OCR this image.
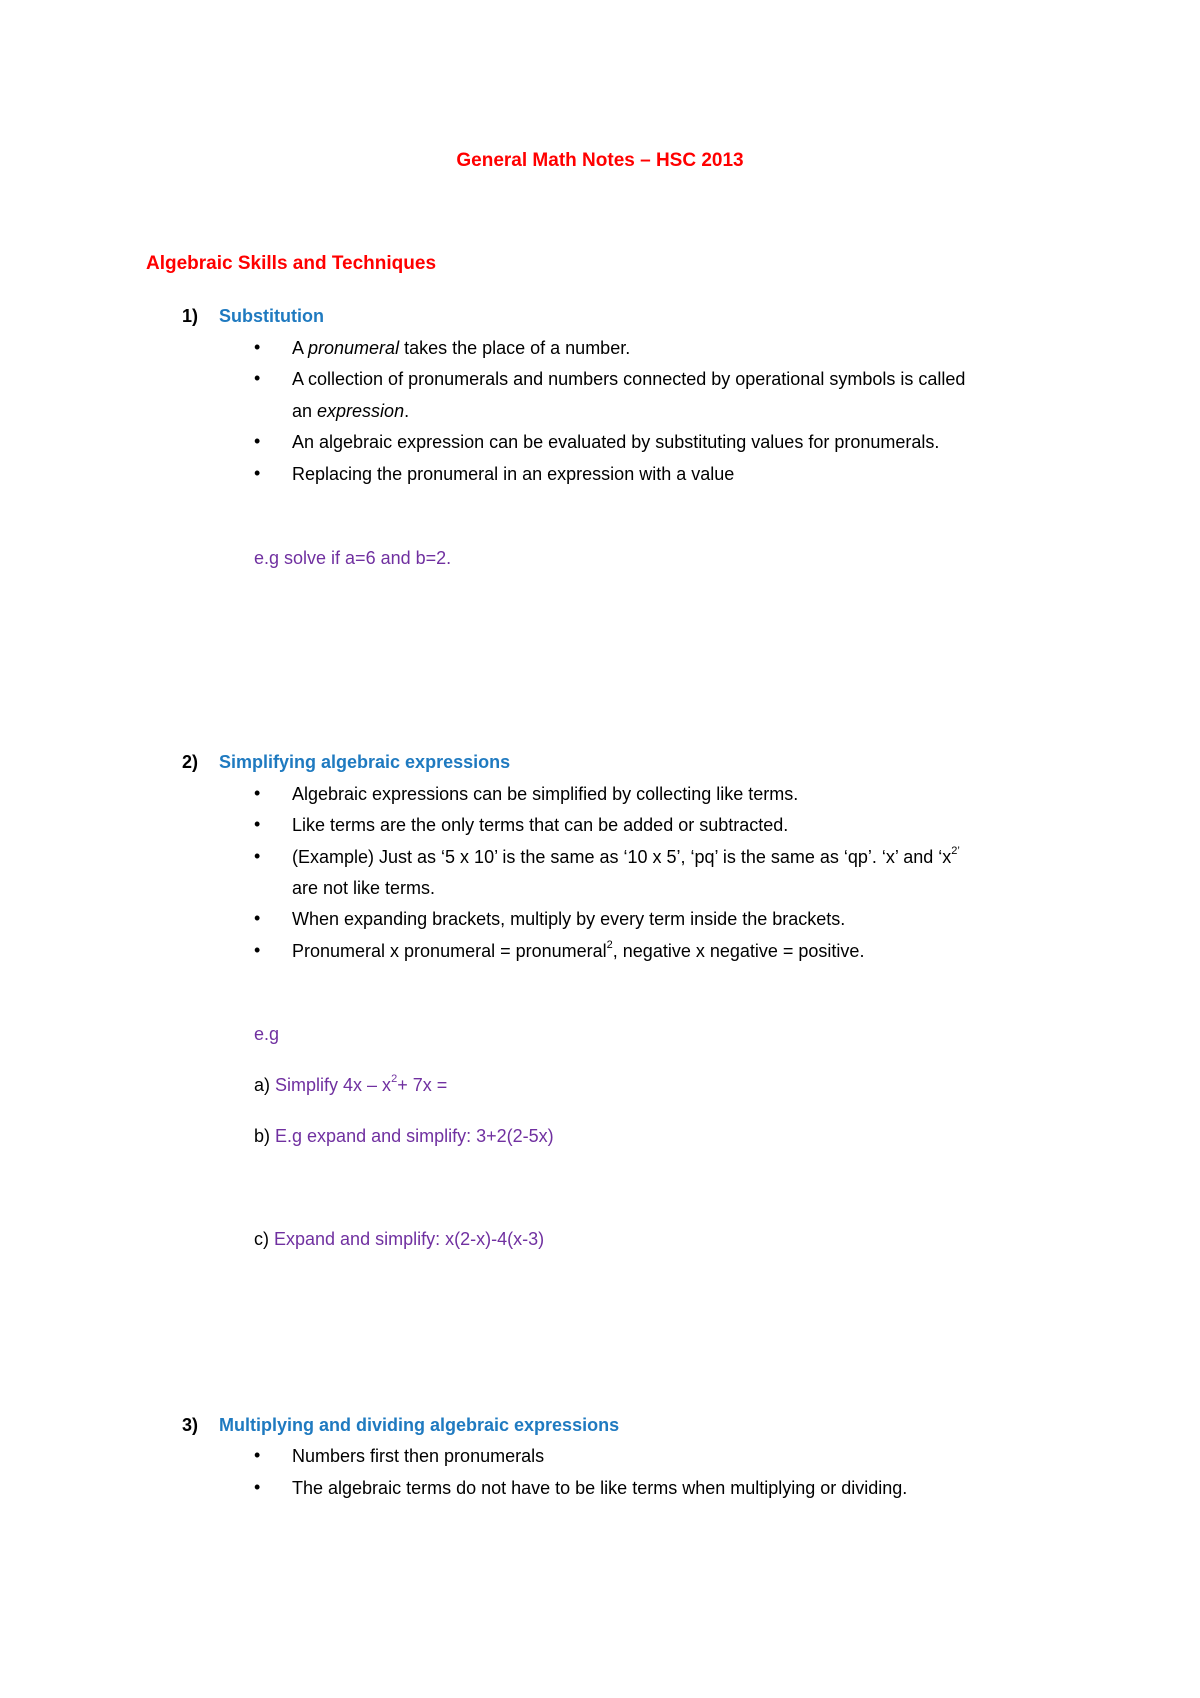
General Math Notes – HSC 2013
Algebraic Skills and Techniques
1) Substitution
• A pronumeral takes the place of a number.
• A collection of pronumerals and numbers connected by operational symbols is called
an expression.
• An algebraic expression can be evaluated by substituting values for pronumerals.
• Replacing the pronumeral in an expression with a value
e.g solve if a=6 and b=2.
2) Simplifying algebraic expressions
• Algebraic expressions can be simplified by collecting like terms.
• Like terms are the only terms that can be added or subtracted.
• (Example) Just as ‘5 x 10’ is the same as ‘10 x 5’, ‘pq’ is the same as ‘qp’. ‘x’ and ‘$x^{2’}$
are not like terms.
• When expanding brackets, multiply by every term inside the brackets.
• Pronumeral x pronumeral = pronumeral$^2$, negative x negative = positive.
e.g
a) Simplify $4x - x^2+ 7x$ =
b) E.g expand and simplify: 3+2(2-5x)
c) Expand and simplify: x(2-x)-4(x-3)
3) Multiplying and dividing algebraic expressions
• Numbers first then pronumerals
• The algebraic terms do not have to be like terms when multiplying or dividing.
